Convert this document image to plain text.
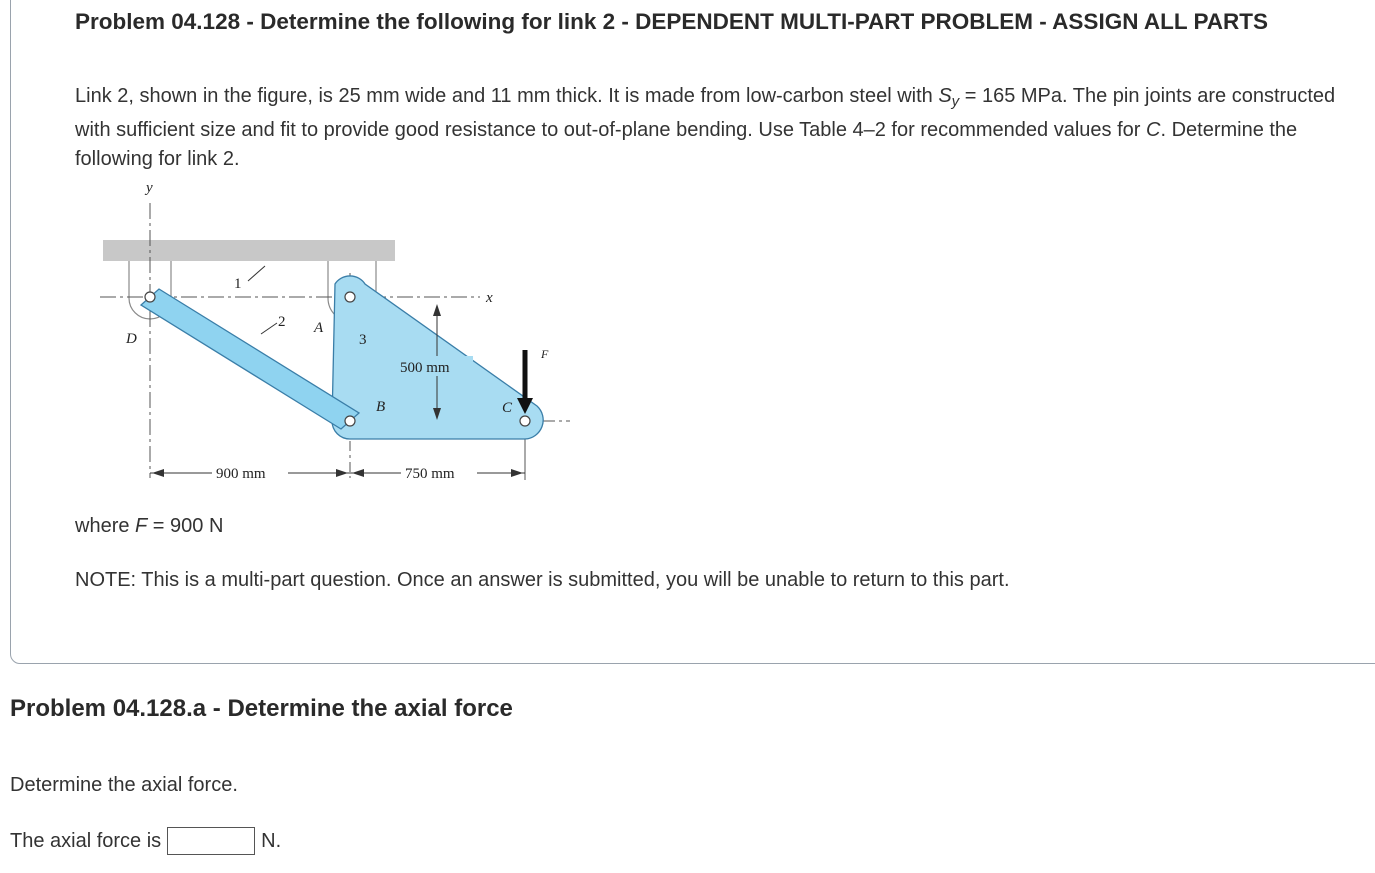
Problem 04.128 - Determine the following for link 2 - DEPENDENT MULTI-PART PROBLEM - ASSIGN ALL PARTS

Link 2, shown in the figure, is 25 mm wide and 11 mm thick. It is made from low-carbon steel with $S_y = 165$ MPa. The pin joints are constructed with sufficient size and fit to provide good resistance to out-of-plane bending. Use Table 4–2 for recommended values for C. Determine the following for link 2.

y
x
1
2
3
A
B	C
D
F
500 mm
900 mm	750 mm

where F = 900 N

NOTE: This is a multi-part question. Once an answer is submitted, you will be unable to return to this part.

Problem 04.128.a - Determine the axial force

Determine the axial force.

The axial force is	N.
